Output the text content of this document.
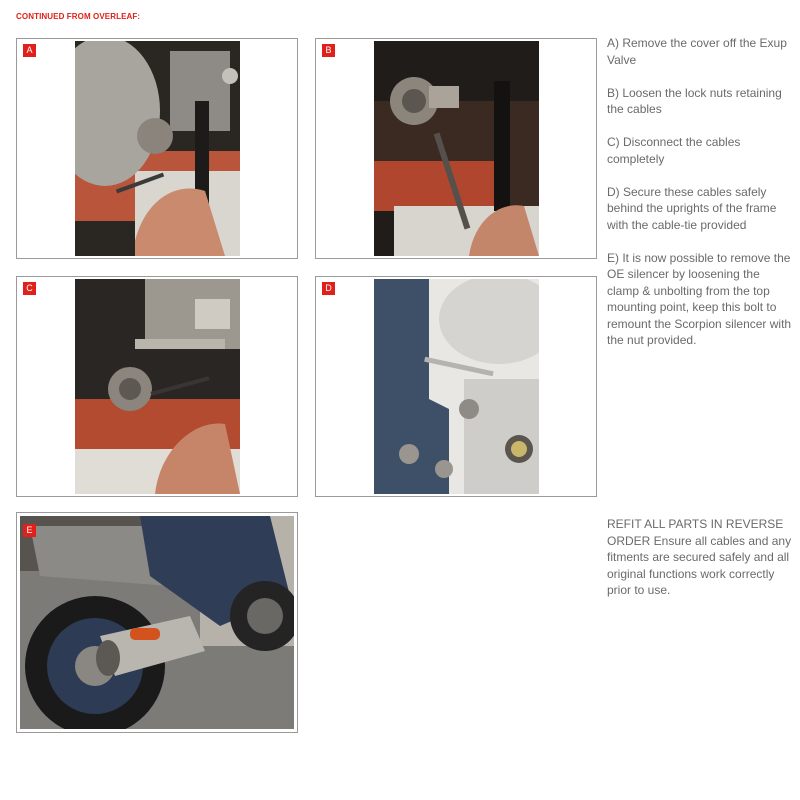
CONTINUED FROM OVERLEAF:
A	B
C	D
E

A) Remove the cover off the Exup Valve

B) Loosen the lock nuts retaining the cables

C) Disconnect the cables completely

D) Secure these cables safely behind the uprights of the frame with the cable-tie provided

E) It is now possible to remove the OE silencer by loosening the clamp & unbolting from the top mounting point, keep this bolt to remount the Scorpion silencer with the nut provided.

REFIT ALL PARTS IN REVERSE ORDER Ensure all cables and any fitments are secured safely and all original functions work correctly prior to use.
